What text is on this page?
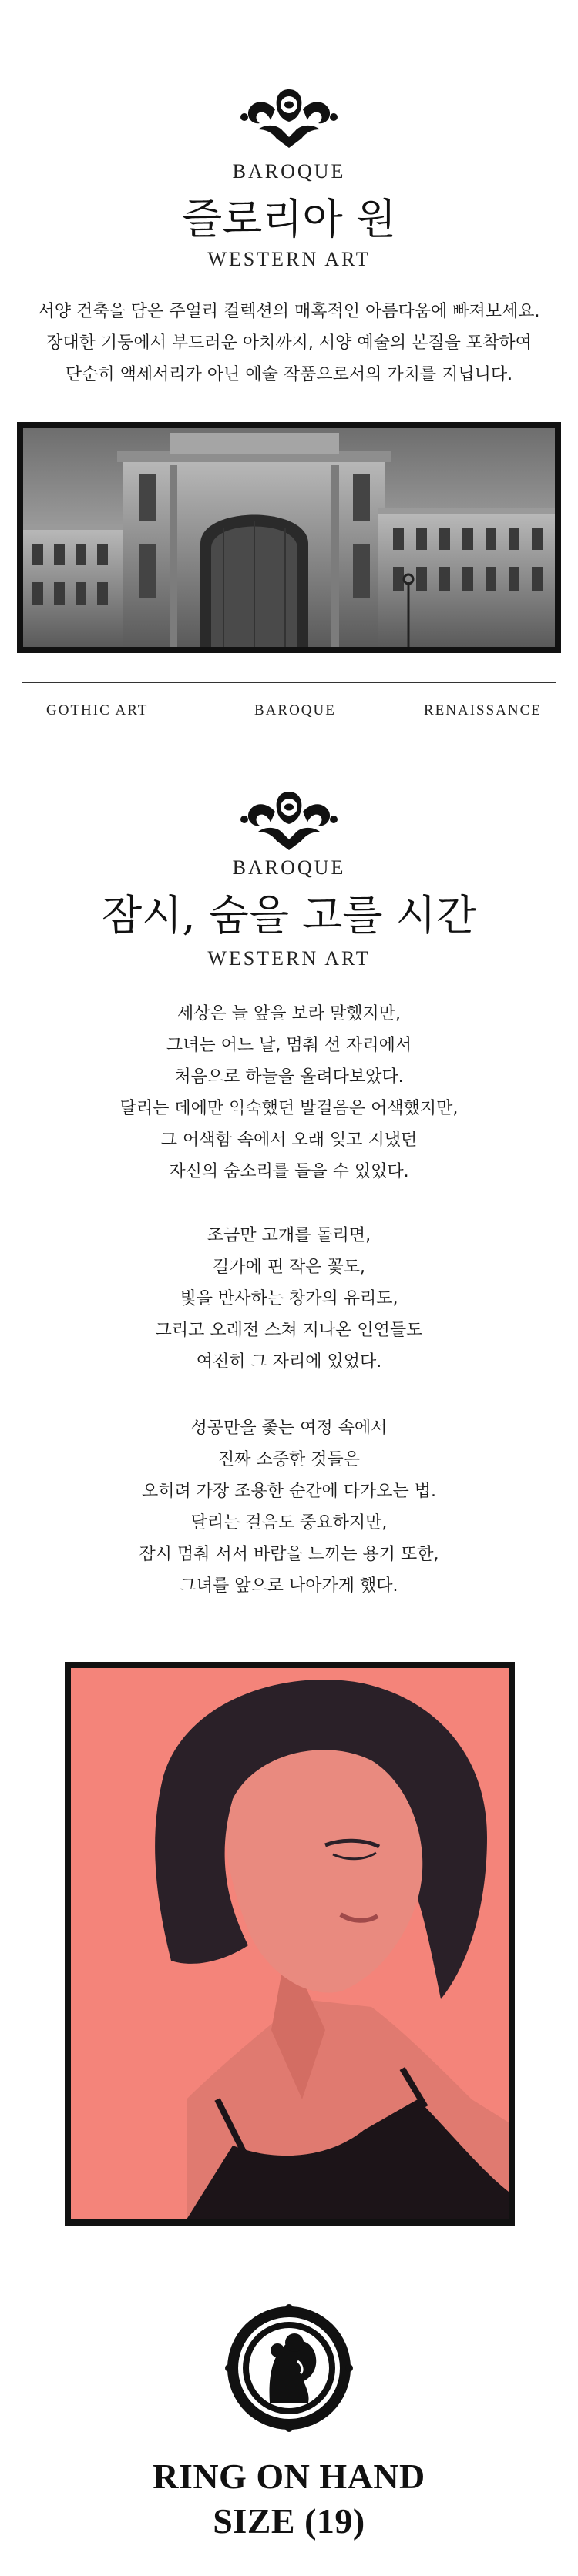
BAROQUE
즐로리아 원
WESTERN ART
서양 건축을 담은 주얼리 컬렉션의 매혹적인 아름다움에 빠져보세요.
장대한 기둥에서 부드러운 아치까지, 서양 예술의 본질을 포착하여
단순히 액세서리가 아닌 예술 작품으로서의 가치를 지닙니다.
GOTHIC ART	BAROQUE	RENAISSANCE
BAROQUE
잠시, 숨을 고를 시간
WESTERN ART
세상은 늘 앞을 보라 말했지만,
그녀는 어느 날, 멈춰 선 자리에서
처음으로 하늘을 올려다보았다.
달리는 데에만 익숙했던 발걸음은 어색했지만,
그 어색함 속에서 오래 잊고 지냈던
자신의 숨소리를 들을 수 있었다.
조금만 고개를 돌리면,
길가에 핀 작은 꽃도,
빛을 반사하는 창가의 유리도,
그리고 오래전 스쳐 지나온 인연들도
여전히 그 자리에 있었다.
성공만을 좇는 여정 속에서
진짜 소중한 것들은
오히려 가장 조용한 순간에 다가오는 법.
달리는 걸음도 중요하지만,
잠시 멈춰 서서 바람을 느끼는 용기 또한,
그녀를 앞으로 나아가게 했다.
RING ON HAND
SIZE (19)
